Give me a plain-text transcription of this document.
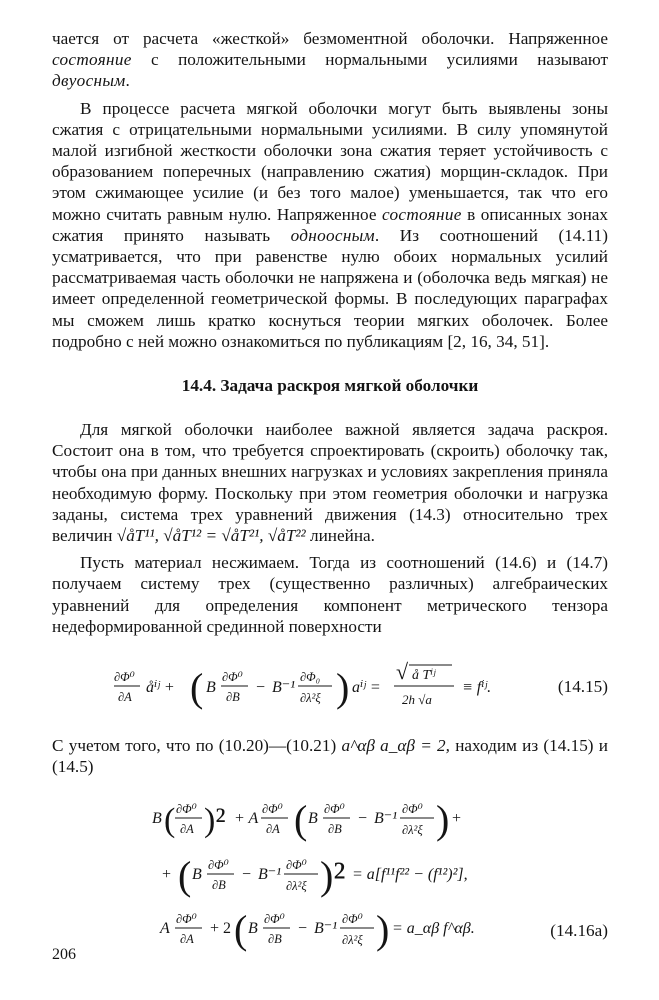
чается от расчета «жесткой» безмоментной оболочки. Напряженное состояние с положительными нормальными усилиями называют двуосным.

В процессе расчета мягкой оболочки могут быть выявлены зоны сжатия с отрицательными нормальными усилиями. В силу упомянутой малой изгибной жесткости оболочки зона сжатия теряет устойчивость с образованием поперечных (направлению сжатия) морщин-складок. При этом сжимающее усилие (и без того малое) уменьшается, так что его можно считать равным нулю. Напряженное состояние в описанных зонах сжатия принято называть одноосным. Из соотношений (14.11) усматривается, что при равенстве нулю обоих нормальных усилий рассматриваемая часть оболочки не напряжена и (оболочка ведь мягкая) не имеет определенной геометрической формы. В последующих параграфах мы сможем лишь кратко коснуться теории мягких оболочек. Более подробно с ней можно ознакомиться по публикациям [2, 16, 34, 51].

14.4. Задача раскроя мягкой оболочки

Для мягкой оболочки наиболее важной является задача раскроя. Состоит она в том, что требуется спроектировать (скроить) оболочку так, чтобы она при данных внешних нагрузках и условиях закрепления приняла необходимую форму. Поскольку при этом геометрия оболочки и нагрузка заданы, система трех уравнений движения (14.3) относительно трех величин √åT¹¹, √åT¹² = √åT²¹, √åT²² линейна.

Пусть материал несжимаем. Тогда из соотношений (14.6) и (14.7) получаем систему трех (существенно различных) алгебраических уравнений для определения компонент метрического тензора недеформированной срединной поверхности

∂Φ⁰
∂A
åⁱʲ + ( B
∂Φ⁰
∂B
− B⁻¹
∂Φ₀
∂λ²ξ ) aⁱʲ =
√ å Tⁱʲ
2h √a
≡ fⁱʲ.	(14.15)

С учетом того, что по (10.20)—(10.21) a^αβ a_αβ = 2, находим из (14.15) и (14.5)

B ( ∂Φ⁰
∂A )² + A
∂Φ⁰
∂A ( B
∂Φ⁰
∂B
− B⁻¹
∂Φ⁰
∂λ²ξ ) +
+ ( B
∂Φ⁰
∂B
− B⁻¹
∂Φ⁰
∂λ²ξ )² = a[f¹¹f²² − (f¹²)²],
A
∂Φ⁰
∂A
+ 2 ( B
∂Φ⁰
∂B
− B⁻¹
∂Φ⁰
∂λ²ξ ) = a_αβ f^αβ.	(14.16a)
206
